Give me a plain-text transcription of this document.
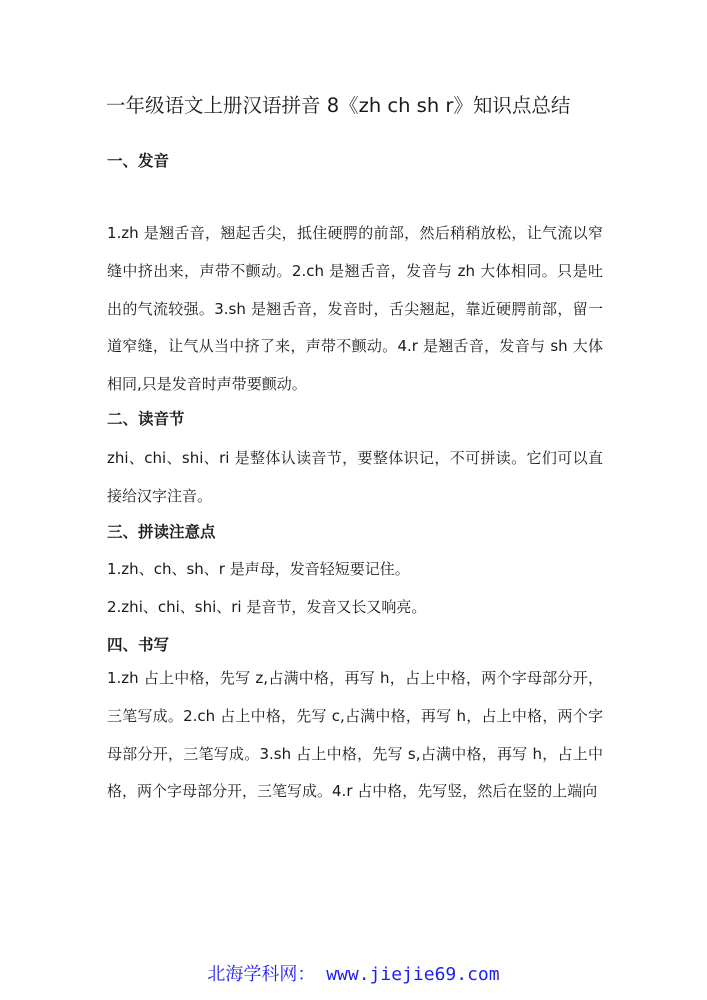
一年级语文上册汉语拼音 8《zh ch sh r》知识点总结
一、发音

1.zh 是翘舌音，翘起舌尖，抵住硬腭的前部，然后稍稍放松，让气流以窄缝中挤出来，声带不颤动。2.ch 是翘舌音，发音与 zh 大体相同。只是吐出的气流较强。3.sh 是翘舌音，发音时，舌尖翘起，靠近硬腭前部，留一道窄缝，让气从当中挤了来，声带不颤动。4.r 是翘舌音，发音与 sh 大体相同,只是发音时声带要颤动。

二、读音节

zhi、chi、shi、ri 是整体认读音节，要整体识记，不可拼读。它们可以直接给汉字注音。

三、拼读注意点

1.zh、ch、sh、r 是声母，发音轻短要记住。

2.zhi、chi、shi、ri 是音节，发音又长又响亮。

四、书写

1.zh 占上中格，先写 z,占满中格，再写 h，占上中格，两个字母部分开，三笔写成。2.ch 占上中格，先写 c,占满中格，再写 h，占上中格，两个字母部分开，三笔写成。3.sh 占上中格，先写 s,占满中格，再写 h，占上中格，两个字母部分开，三笔写成。4.r 占中格，先写竖，然后在竖的上端向

北海学科网： www.jiejie69.com
